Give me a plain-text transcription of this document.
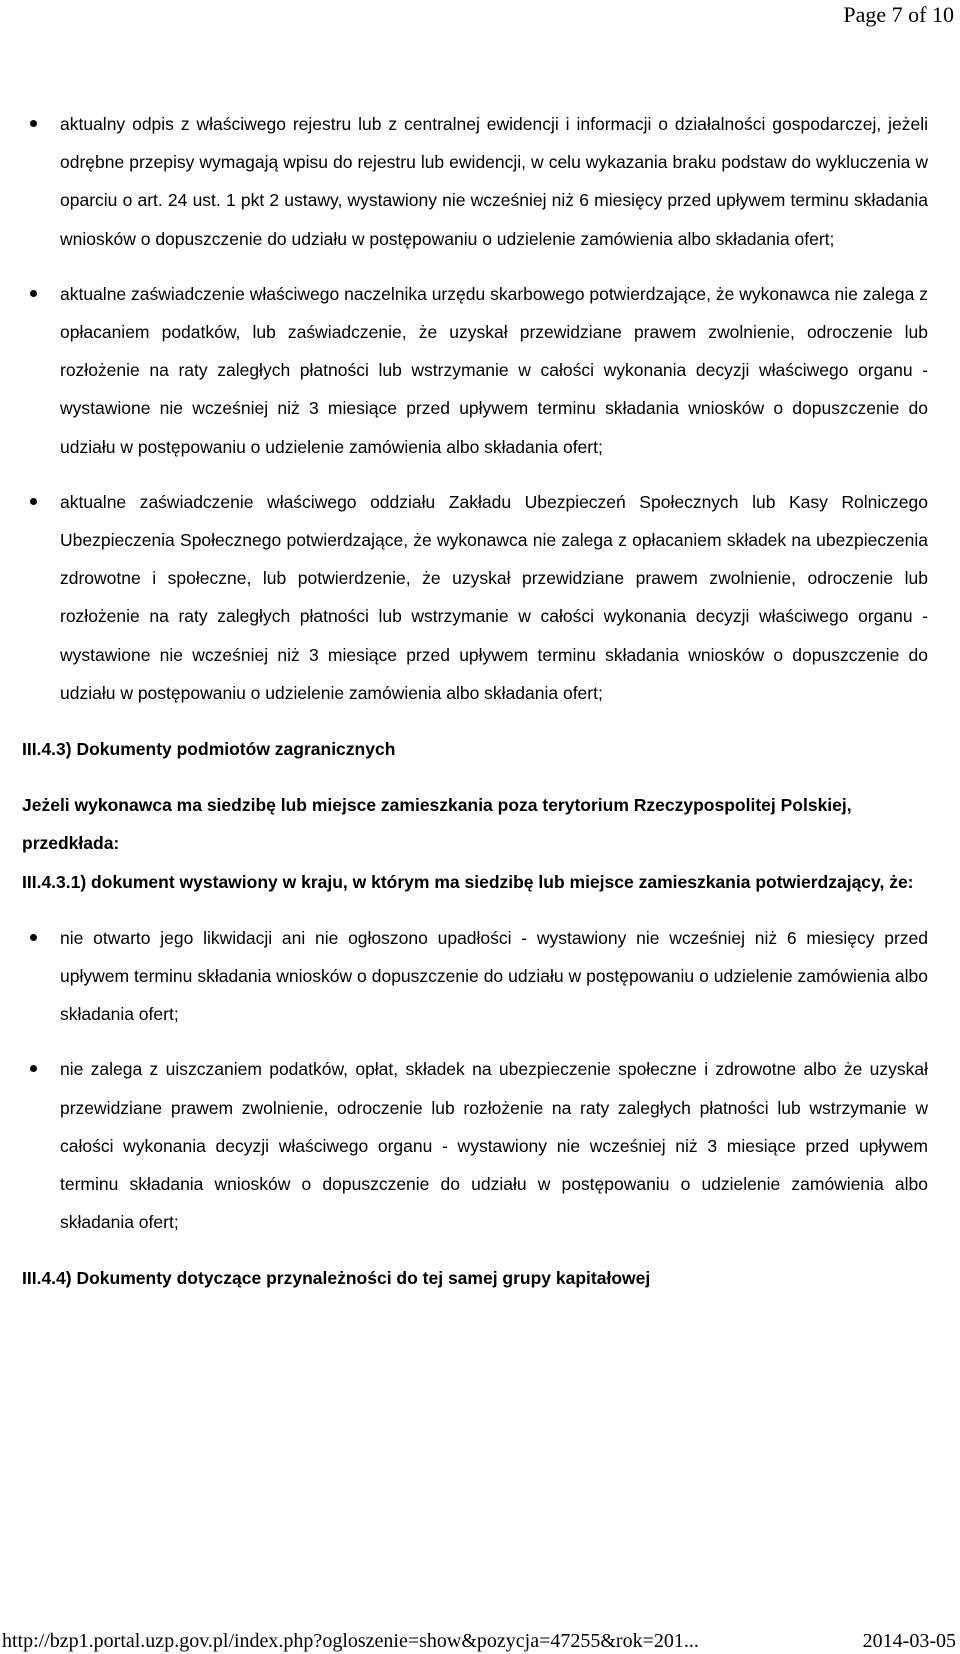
Page 7 of 10
aktualny odpis z właściwego rejestru lub z centralnej ewidencji i informacji o działalności gospodarczej, jeżeli odrębne przepisy wymagają wpisu do rejestru lub ewidencji, w celu wykazania braku podstaw do wykluczenia w oparciu o art. 24 ust. 1 pkt 2 ustawy, wystawiony nie wcześniej niż 6 miesięcy przed upływem terminu składania wniosków o dopuszczenie do udziału w postępowaniu o udzielenie zamówienia albo składania ofert;
aktualne zaświadczenie właściwego naczelnika urzędu skarbowego potwierdzające, że wykonawca nie zalega z opłacaniem podatków, lub zaświadczenie, że uzyskał przewidziane prawem zwolnienie, odroczenie lub rozłożenie na raty zaległych płatności lub wstrzymanie w całości wykonania decyzji właściwego organu - wystawione nie wcześniej niż 3 miesiące przed upływem terminu składania wniosków o dopuszczenie do udziału w postępowaniu o udzielenie zamówienia albo składania ofert;
aktualne zaświadczenie właściwego oddziału Zakładu Ubezpieczeń Społecznych lub Kasy Rolniczego Ubezpieczenia Społecznego potwierdzające, że wykonawca nie zalega z opłacaniem składek na ubezpieczenia zdrowotne i społeczne, lub potwierdzenie, że uzyskał przewidziane prawem zwolnienie, odroczenie lub rozłożenie na raty zaległych płatności lub wstrzymanie w całości wykonania decyzji właściwego organu - wystawione nie wcześniej niż 3 miesiące przed upływem terminu składania wniosków o dopuszczenie do udziału w postępowaniu o udzielenie zamówienia albo składania ofert;

III.4.3) Dokumenty podmiotów zagranicznych

Jeżeli wykonawca ma siedzibę lub miejsce zamieszkania poza terytorium Rzeczypospolitej Polskiej, przedkłada:

III.4.3.1) dokument wystawiony w kraju, w którym ma siedzibę lub miejsce zamieszkania potwierdzający, że:

nie otwarto jego likwidacji ani nie ogłoszono upadłości - wystawiony nie wcześniej niż 6 miesięcy przed upływem terminu składania wniosków o dopuszczenie do udziału w postępowaniu o udzielenie zamówienia albo składania ofert;
nie zalega z uiszczaniem podatków, opłat, składek na ubezpieczenie społeczne i zdrowotne albo że uzyskał przewidziane prawem zwolnienie, odroczenie lub rozłożenie na raty zaległych płatności lub wstrzymanie w całości wykonania decyzji właściwego organu - wystawiony nie wcześniej niż 3 miesiące przed upływem terminu składania wniosków o dopuszczenie do udziału w postępowaniu o udzielenie zamówienia albo składania ofert;

III.4.4) Dokumenty dotyczące przynależności do tej samej grupy kapitałowej

http://bzp1.portal.uzp.gov.pl/index.php?ogloszenie=show&pozycja=47255&rok=201...	2014-03-05
